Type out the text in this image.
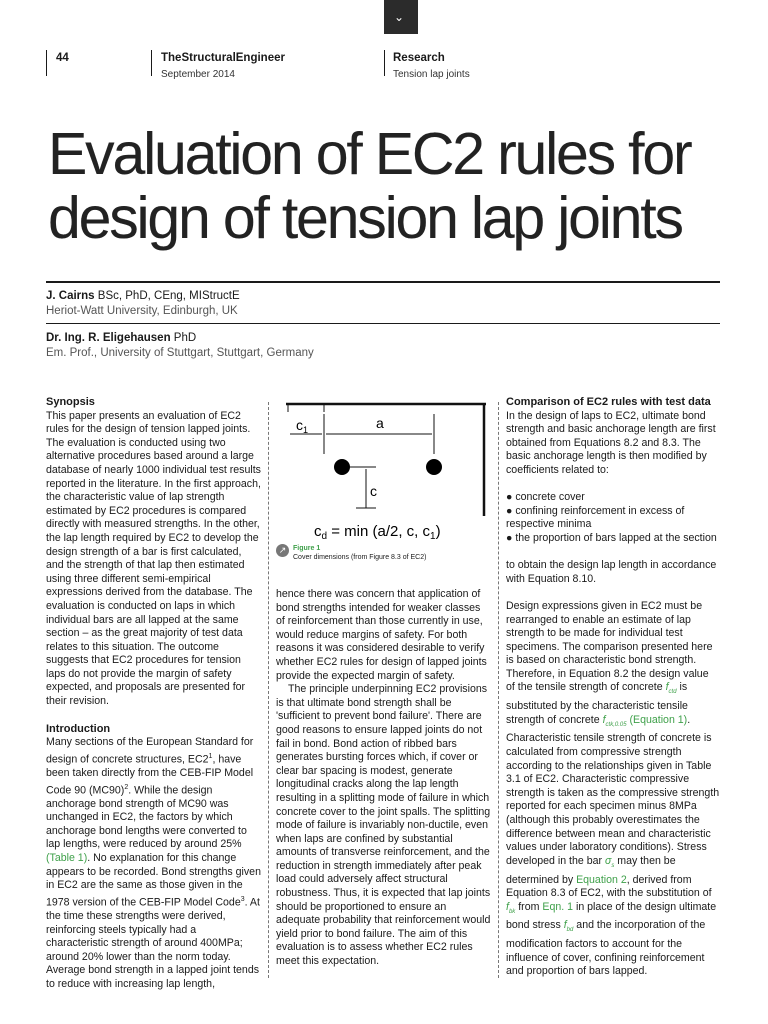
⌄
44	TheStructuralEngineer
September 2014
Research
Tension lap joints
Evaluation of EC2 rules for
design of tension lap joints
J. Cairns BSc, PhD, CEng, MIStructE
Heriot-Watt University, Edinburgh, UK
Dr. Ing. R. Eligehausen PhD
Em. Prof., University of Stuttgart, Stuttgart, Germany
Synopsis

This paper presents an evaluation of EC2 rules for the design of tension lapped joints. The evaluation is conducted using two alternative procedures based around a large database of nearly 1000 individual test results reported in the literature. In the first approach, the characteristic value of lap strength estimated by EC2 procedures is compared directly with measured strengths. In the other, the lap length required by EC2 to develop the design strength of a bar is first calculated, and the strength of that lap then estimated using three different semi-empirical expressions derived from the database. The evaluation is conducted on laps in which individual bars are all lapped at the same section – as the great majority of test data relates to this situation. The outcome suggests that EC2 procedures for tension laps do not provide the margin of safety expected, and proposals are presented for their revision.

Introduction

Many sections of the European Standard for design of concrete structures, $EC2^1$, have been taken directly from the CEB-FIP Model Code 90 $(MC90)^2$. While the design anchorage bond strength of MC90 was unchanged in EC2, the factors by which anchorage bond lengths were converted to lap lengths, were reduced by around 25% (Table 1). No explanation for this change appears to be recorded. Bond strengths given in EC2 are the same as those given in the 1978 version of the CEB-FIP Model Code$^3$. At the time these strengths were derived, reinforcing steels typically had a characteristic strength of around 400MPa; around 20% lower than the norm today. Average bond strength in a lapped joint tends to reduce with increasing lap length,

$c_1$	a
c
$c_d = \min (a/2$, c, $c_1$)
↗ Figure 1
Cover dimensions (from Figure 8.3 of EC2)

hence there was concern that application of bond strengths intended for weaker classes of reinforcement than those currently in use, would reduce margins of safety. For both reasons it was considered desirable to verify whether EC2 rules for design of lapped joints provide the expected margin of safety.

The principle underpinning EC2 provisions is that ultimate bond strength shall be 'sufficient to prevent bond failure'. There are good reasons to ensure lapped joints do not fail in bond. Bond action of ribbed bars generates bursting forces which, if cover or clear bar spacing is modest, generate longitudinal cracks along the lap length resulting in a splitting mode of failure in which concrete cover to the joint spalls. The splitting mode of failure is invariably non-ductile, even when laps are confined by substantial amounts of transverse reinforcement, and the reduction in strength immediately after peak load could adversely affect structural robustness. Thus, it is expected that lap joints should be proportioned to ensure an adequate probability that reinforcement would yield prior to bond failure. The aim of this evaluation is to assess whether EC2 rules meet this expectation.

Comparison of EC2 rules with test data

In the design of laps to EC2, ultimate bond strength and basic anchorage length are first obtained from Equations 8.2 and 8.3. The basic anchorage length is then modified by coefficients related to:

● concrete cover

● confining reinforcement in excess of respective minima

● the proportion of bars lapped at the section

to obtain the design lap length in accordance with Equation 8.10.

Design expressions given in EC2 must be rearranged to enable an estimate of lap strength to be made for individual test specimens. The comparison presented here is based on characteristic bond strength. Therefore, in Equation 8.2 the design value of the tensile strength of concrete $f_{ctd}$ is substituted by the characteristic tensile strength of concrete $f_{ctk,0.05}$ (Equation 1). Characteristic tensile strength of concrete is calculated from compressive strength according to the relationships given in Table 3.1 of EC2. Characteristic compressive strength is taken as the compressive strength reported for each specimen minus 8MPa (although this probably overestimates the difference between mean and characteristic values under laboratory conditions). Stress developed in the bar $\sigma_s$ may then be determined by Equation 2, derived from Equation 8.3 of EC2, with the substitution of $f_{bk}$ from Eqn. 1 in place of the design ultimate bond stress $f_{bd}$ and the incorporation of the modification factors to account for the influence of cover, confining reinforcement and proportion of bars lapped.
